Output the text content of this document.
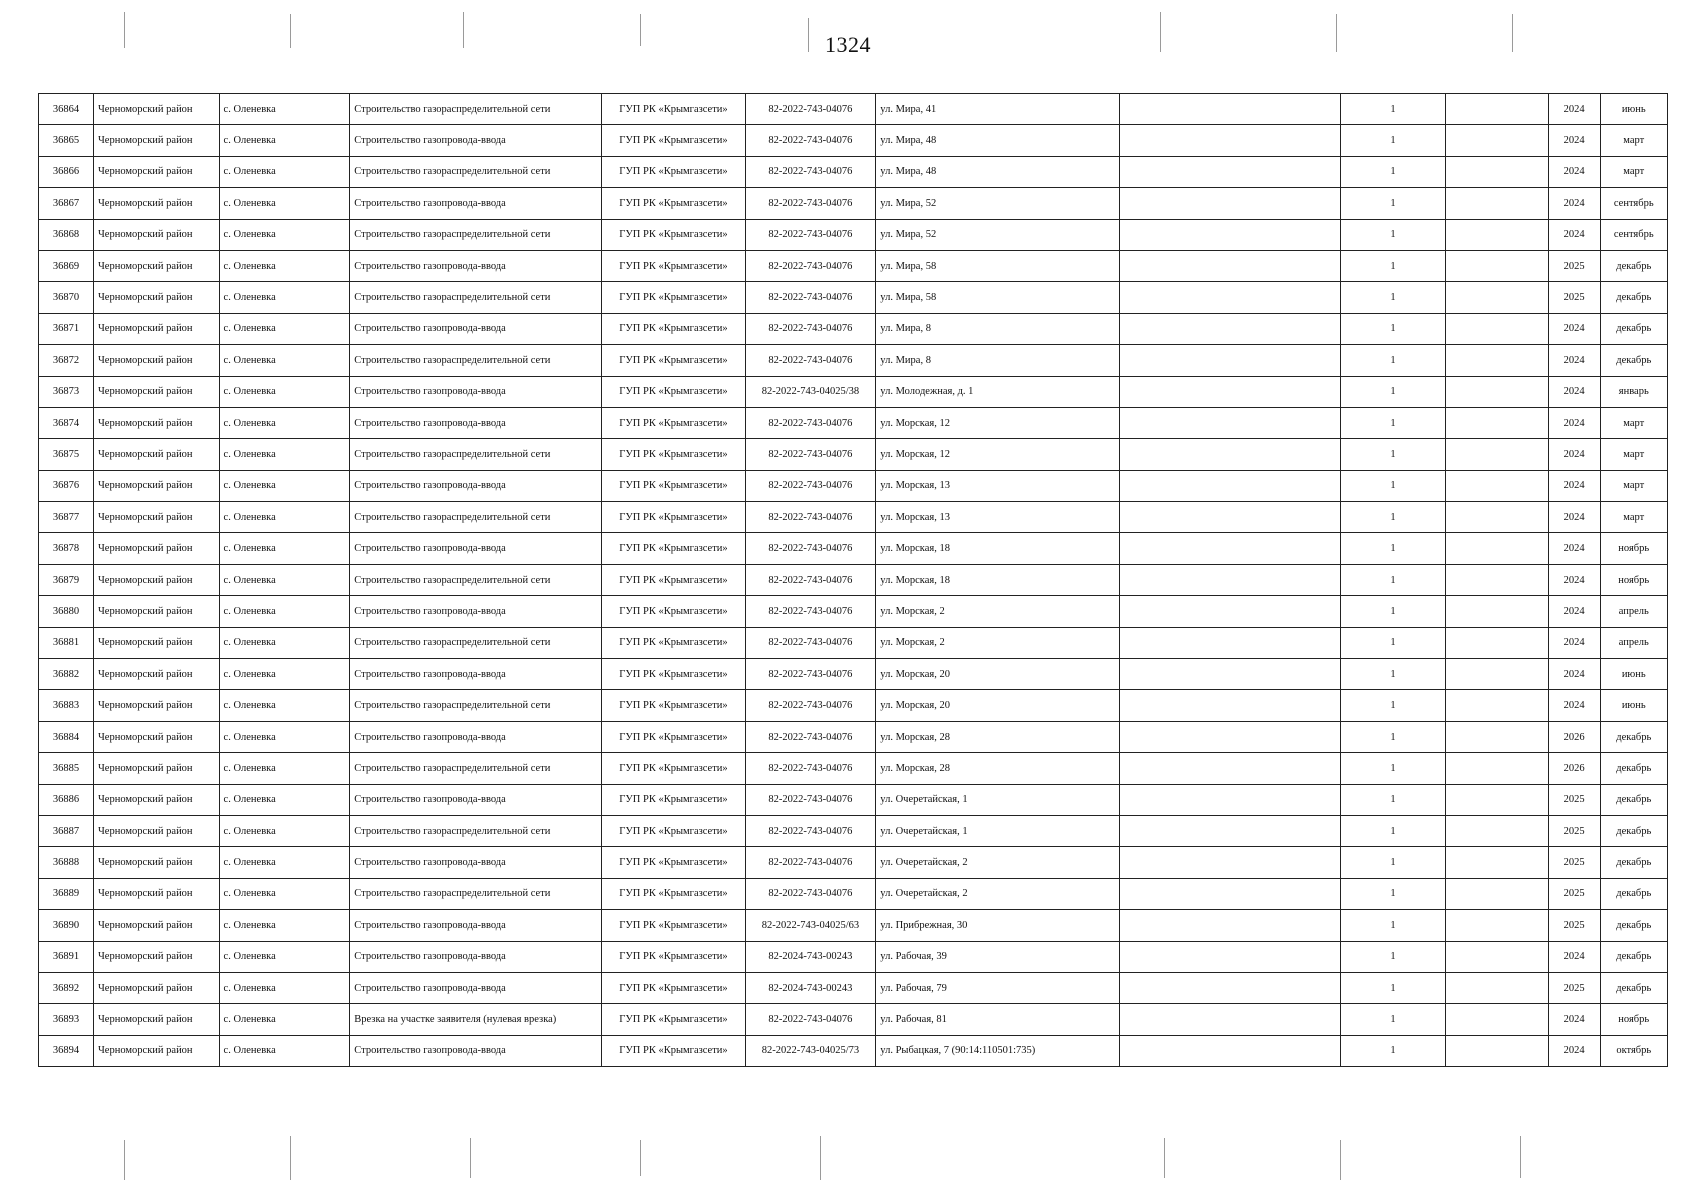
1324
36864	Черноморский район	с. Оленевка	Строительство газораспределительной сети	ГУП РК «Крымгазсети»	82-2022-743-04076	ул. Мира, 41		1		2024	июнь
36865	Черноморский район	с. Оленевка	Строительство газопровода-ввода	ГУП РК «Крымгазсети»	82-2022-743-04076	ул. Мира, 48		1		2024	март
36866	Черноморский район	с. Оленевка	Строительство газораспределительной сети	ГУП РК «Крымгазсети»	82-2022-743-04076	ул. Мира, 48		1		2024	март
36867	Черноморский район	с. Оленевка	Строительство газопровода-ввода	ГУП РК «Крымгазсети»	82-2022-743-04076	ул. Мира, 52		1		2024	сентябрь
36868	Черноморский район	с. Оленевка	Строительство газораспределительной сети	ГУП РК «Крымгазсети»	82-2022-743-04076	ул. Мира, 52		1		2024	сентябрь
36869	Черноморский район	с. Оленевка	Строительство газопровода-ввода	ГУП РК «Крымгазсети»	82-2022-743-04076	ул. Мира, 58		1		2025	декабрь
36870	Черноморский район	с. Оленевка	Строительство газораспределительной сети	ГУП РК «Крымгазсети»	82-2022-743-04076	ул. Мира, 58		1		2025	декабрь
36871	Черноморский район	с. Оленевка	Строительство газопровода-ввода	ГУП РК «Крымгазсети»	82-2022-743-04076	ул. Мира, 8		1		2024	декабрь
36872	Черноморский район	с. Оленевка	Строительство газораспределительной сети	ГУП РК «Крымгазсети»	82-2022-743-04076	ул. Мира, 8		1		2024	декабрь
36873	Черноморский район	с. Оленевка	Строительство газопровода-ввода	ГУП РК «Крымгазсети»	82-2022-743-04025/38	ул. Молодежная, д. 1		1		2024	январь
36874	Черноморский район	с. Оленевка	Строительство газопровода-ввода	ГУП РК «Крымгазсети»	82-2022-743-04076	ул. Морская, 12		1		2024	март
36875	Черноморский район	с. Оленевка	Строительство газораспределительной сети	ГУП РК «Крымгазсети»	82-2022-743-04076	ул. Морская, 12		1		2024	март
36876	Черноморский район	с. Оленевка	Строительство газопровода-ввода	ГУП РК «Крымгазсети»	82-2022-743-04076	ул. Морская, 13		1		2024	март
36877	Черноморский район	с. Оленевка	Строительство газораспределительной сети	ГУП РК «Крымгазсети»	82-2022-743-04076	ул. Морская, 13		1		2024	март
36878	Черноморский район	с. Оленевка	Строительство газопровода-ввода	ГУП РК «Крымгазсети»	82-2022-743-04076	ул. Морская, 18		1		2024	ноябрь
36879	Черноморский район	с. Оленевка	Строительство газораспределительной сети	ГУП РК «Крымгазсети»	82-2022-743-04076	ул. Морская, 18		1		2024	ноябрь
36880	Черноморский район	с. Оленевка	Строительство газопровода-ввода	ГУП РК «Крымгазсети»	82-2022-743-04076	ул. Морская, 2		1		2024	апрель
36881	Черноморский район	с. Оленевка	Строительство газораспределительной сети	ГУП РК «Крымгазсети»	82-2022-743-04076	ул. Морская, 2		1		2024	апрель
36882	Черноморский район	с. Оленевка	Строительство газопровода-ввода	ГУП РК «Крымгазсети»	82-2022-743-04076	ул. Морская, 20		1		2024	июнь
36883	Черноморский район	с. Оленевка	Строительство газораспределительной сети	ГУП РК «Крымгазсети»	82-2022-743-04076	ул. Морская, 20		1		2024	июнь
36884	Черноморский район	с. Оленевка	Строительство газопровода-ввода	ГУП РК «Крымгазсети»	82-2022-743-04076	ул. Морская, 28		1		2026	декабрь
36885	Черноморский район	с. Оленевка	Строительство газораспределительной сети	ГУП РК «Крымгазсети»	82-2022-743-04076	ул. Морская, 28		1		2026	декабрь
36886	Черноморский район	с. Оленевка	Строительство газопровода-ввода	ГУП РК «Крымгазсети»	82-2022-743-04076	ул. Очеретайская, 1		1		2025	декабрь
36887	Черноморский район	с. Оленевка	Строительство газораспределительной сети	ГУП РК «Крымгазсети»	82-2022-743-04076	ул. Очеретайская, 1		1		2025	декабрь
36888	Черноморский район	с. Оленевка	Строительство газопровода-ввода	ГУП РК «Крымгазсети»	82-2022-743-04076	ул. Очеретайская, 2		1		2025	декабрь
36889	Черноморский район	с. Оленевка	Строительство газораспределительной сети	ГУП РК «Крымгазсети»	82-2022-743-04076	ул. Очеретайская, 2		1		2025	декабрь
36890	Черноморский район	с. Оленевка	Строительство газопровода-ввода	ГУП РК «Крымгазсети»	82-2022-743-04025/63	ул. Прибрежная, 30		1		2025	декабрь
36891	Черноморский район	с. Оленевка	Строительство газопровода-ввода	ГУП РК «Крымгазсети»	82-2024-743-00243	ул. Рабочая, 39		1		2024	декабрь
36892	Черноморский район	с. Оленевка	Строительство газопровода-ввода	ГУП РК «Крымгазсети»	82-2024-743-00243	ул. Рабочая, 79		1		2025	декабрь
36893	Черноморский район	с. Оленевка	Врезка на участке заявителя (нулевая врезка)	ГУП РК «Крымгазсети»	82-2022-743-04076	ул. Рабочая, 81		1		2024	ноябрь
36894	Черноморский район	с. Оленевка	Строительство газопровода-ввода	ГУП РК «Крымгазсети»	82-2022-743-04025/73	ул. Рыбацкая, 7 (90:14:110501:735)		1		2024	октябрь
